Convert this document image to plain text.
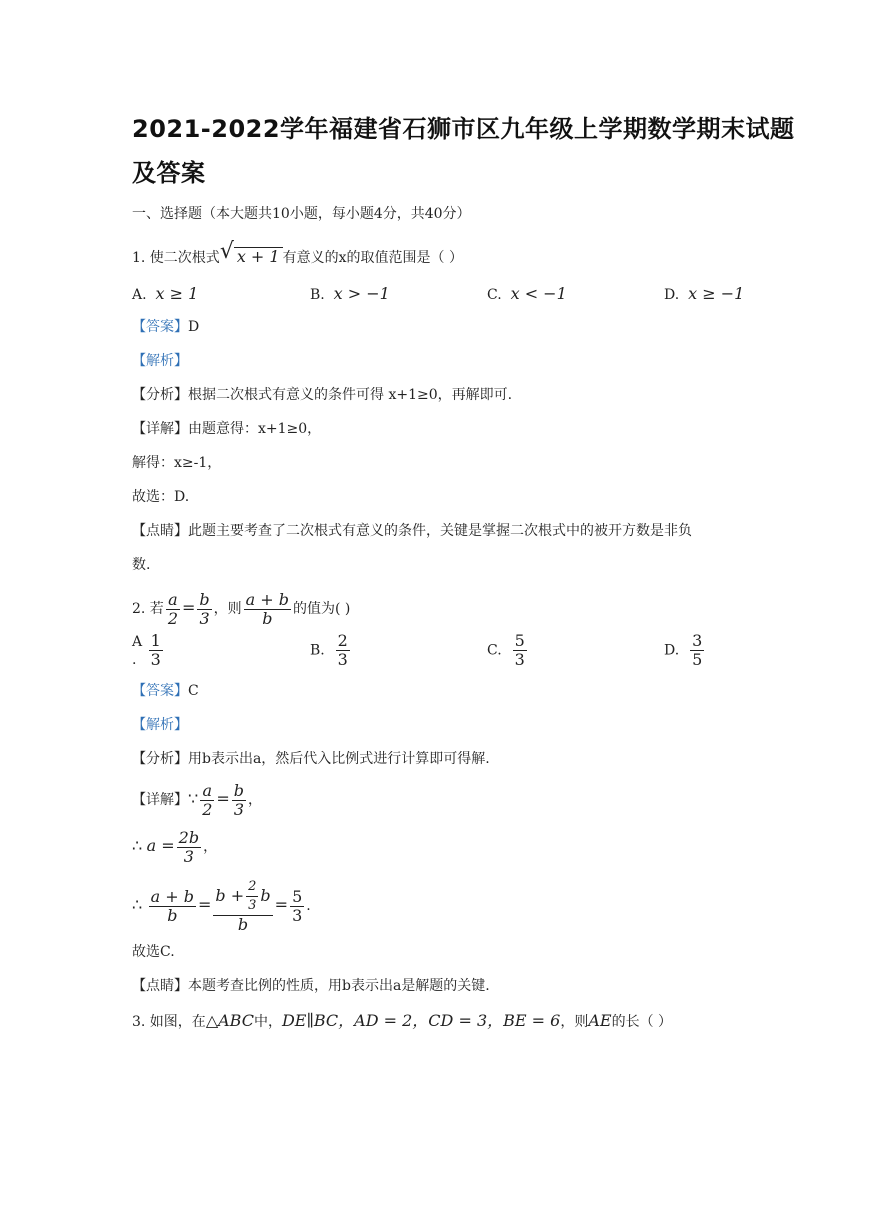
2021-2022学年福建省石狮市区九年级上学期数学期末试题
及答案
一、选择题（本大题共10小题，每小题4分，共40分）
1. 使二次根式 √ x + 1 有意义的x的取值范围是（ ）
A. x ≥ 1	B. x > −1	C. x < −1	D. x ≥ −1
【答案】D
【解析】
【分析】根据二次根式有意义的条件可得 x+1≥0，再解即可.
【详解】由题意得：x+1≥0，
解得：x≥-1，
故选：D.
【点睛】此题主要考查了二次根式有意义的条件，关键是掌握二次根式中的被开方数是非负
数.
2. 若 $\frac{a}{2} = \frac{b}{3}$ ，则 $\frac{a + b}{b}$ 的值为( )
A
. $\frac{1}{3}$	B. $\frac{2}{3}$	C. $\frac{5}{3}$	D. $\frac{3}{5}$
【答案】C
【解析】
【分析】用b表示出a，然后代入比例式进行计算即可得解.
【详解】∵ $\frac{a}{2} = \frac{b}{3}$ ，
∴ $a = \frac{2b}{3}$ ，
∴ $\frac{a + b}{b} = \frac{b + \frac{2}{3} b}{b} = \frac{5}{3}$ .
故选C.
【点睛】本题考查比例的性质，用b表示出a是解题的关键.
3. 如图，在△ABC中，DE∥BC，AD = 2，CD = 3，BE = 6，则AE的长（ ）
